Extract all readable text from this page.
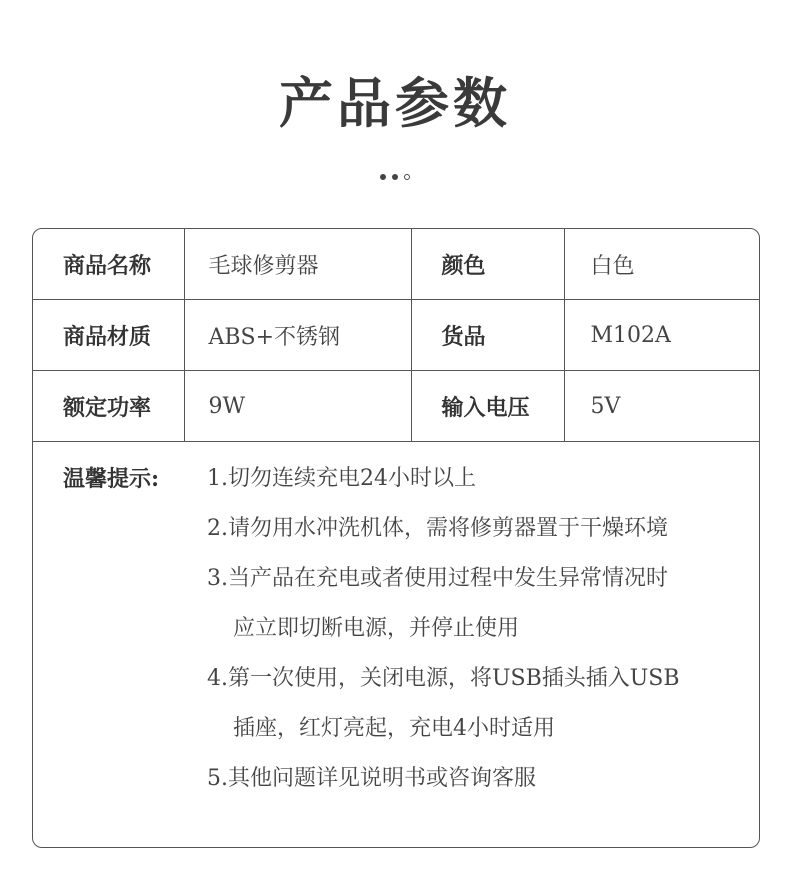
产品参数
商品名称	毛球修剪器	颜色	白色
商品材质	ABS+不锈钢	货品	M102A
额定功率	9W	输入电压	5V
温馨提示: 1.切勿连续充电24小时以上
2.请勿用水冲洗机体，需将修剪器置于干燥环境
3.当产品在充电或者使用过程中发生异常情况时
应立即切断电源，并停止使用
4.第一次使用，关闭电源，将USB插头插入USB
插座，红灯亮起，充电4小时适用
5.其他问题详见说明书或咨询客服
